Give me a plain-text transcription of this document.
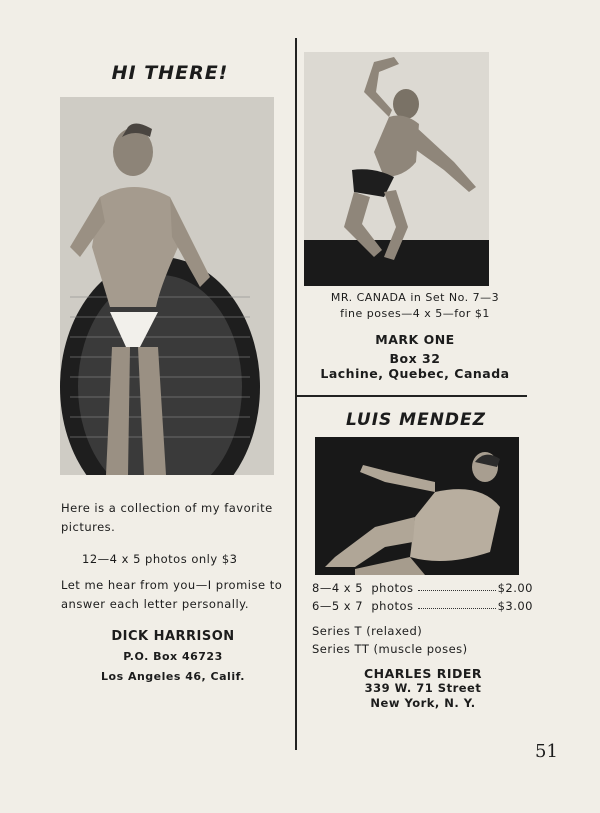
HI THERE!
Here is a collection of my favorite pictures.
12—4 x 5 photos only $3
Let me hear from you—I promise to answer each letter personally.
DICK HARRISON
P.O. Box 46723
Los Angeles 46, Calif.
MR. CANADA in Set No. 7—3
fine poses—4 x 5—for $1
MARK ONE
Box 32
Lachine, Quebec, Canada
LUIS MENDEZ
8—4 x 5  photos	$2.00
6—5 x 7  photos	$3.00
Series T (relaxed)
Series TT (muscle poses)
CHARLES RIDER
339 W. 71 Street
New York, N. Y.
51
